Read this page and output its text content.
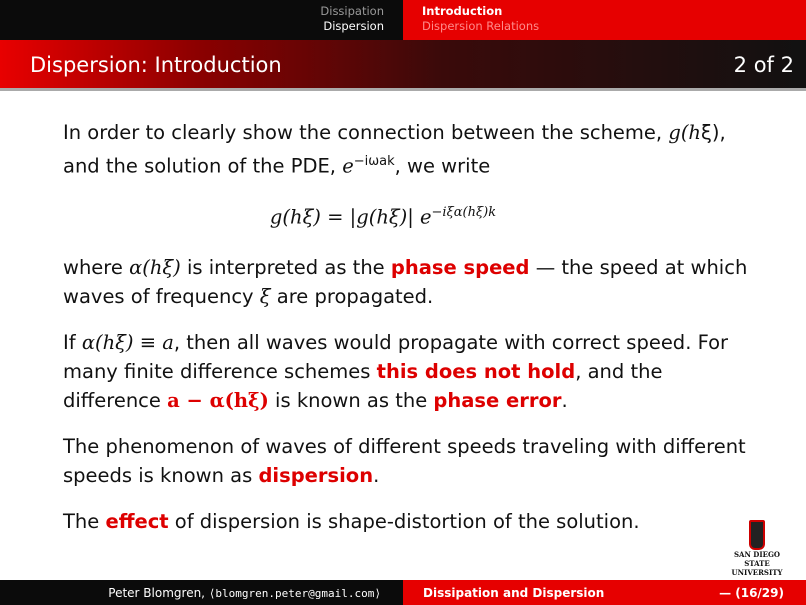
Dissipation
Dispersion
Introduction
Dispersion Relations
Dispersion: Introduction	2 of 2
In order to clearly show the connection between the scheme, g(hξ), and the solution of the PDE, $e^{-i\omega ak}$, we write
g(hξ) = |g(hξ)| $e^{-i\xi\alpha(h\xi)k}$
where α(hξ) is interpreted as the phase speed — the speed at which waves of frequency ξ are propagated.
If α(hξ) ≡ a, then all waves would propagate with correct speed. For many finite difference schemes this does not hold, and the difference a − α(hξ) is known as the phase error.
The phenomenon of waves of different speeds traveling with different speeds is known as dispersion.
The effect of dispersion is shape-distortion of the solution.
SAN DIEGO STATE
UNIVERSITY
Peter Blomgren, ⟨blomgren.peter@gmail.com⟩	Dissipation and Dispersion	— (16/29)
